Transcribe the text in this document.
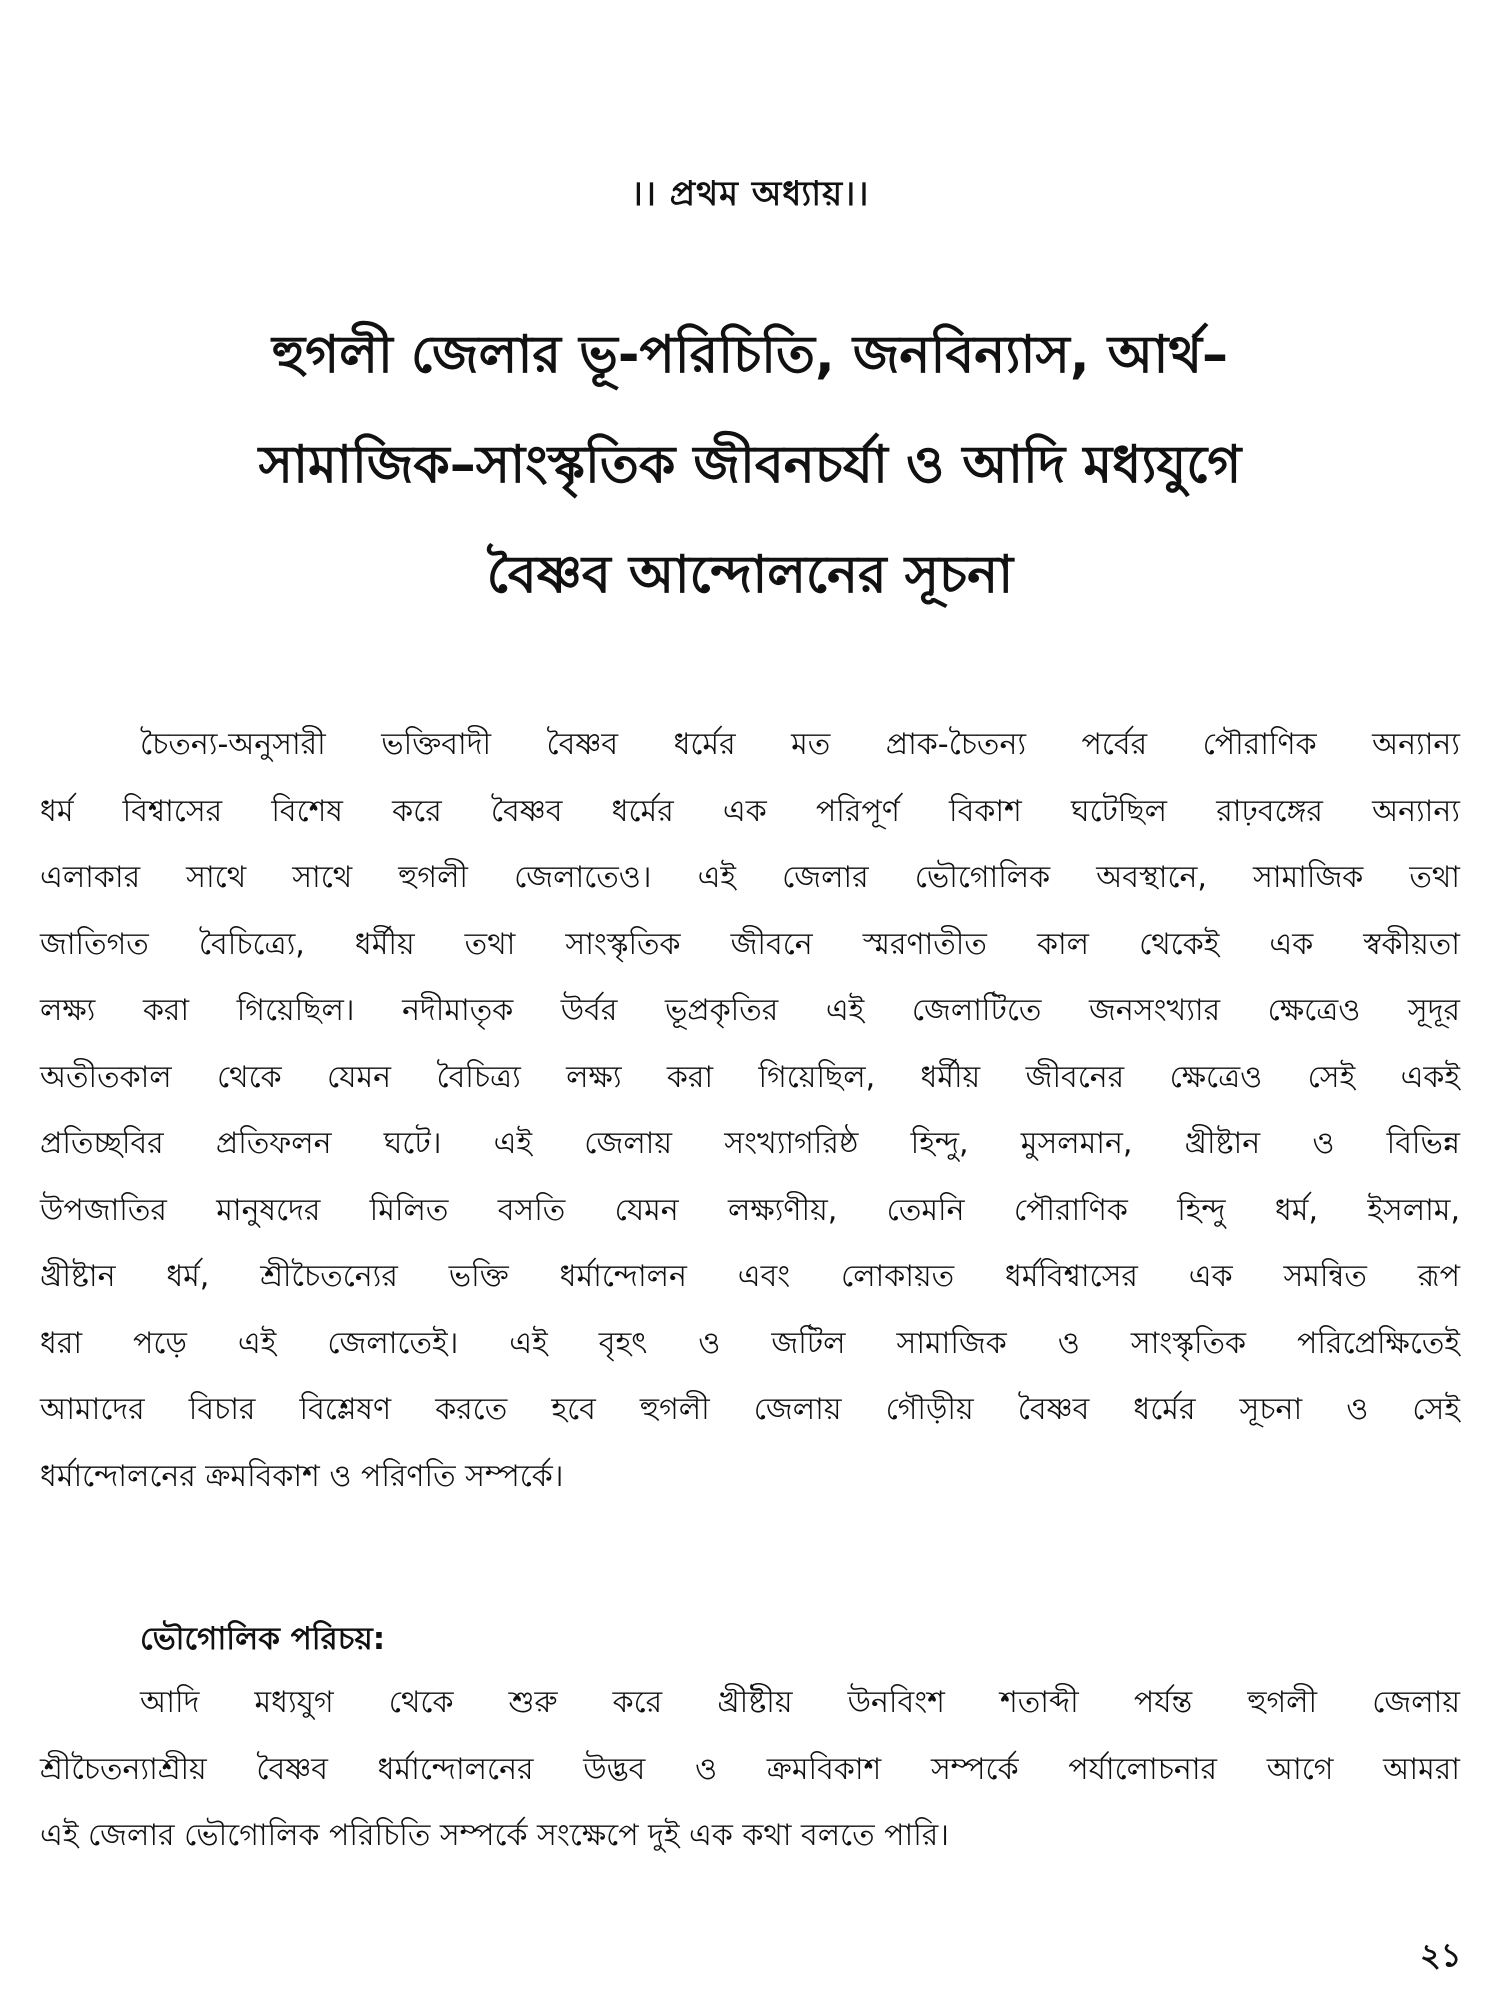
।। প্রথম অধ্যায়।।
হুগলী জেলার ভূ-পরিচিতি, জনবিন্যাস, আর্থ–
সামাজিক–সাংস্কৃতিক জীবনচর্যা ও আদি মধ্যযুগে
বৈষ্ণব আন্দোলনের সূচনা
চৈতন্য-অনুসারী ভক্তিবাদী বৈষ্ণব ধর্মের মত প্রাক-চৈতন্য পর্বের পৌরাণিক অন্যান্য
ধর্ম বিশ্বাসের বিশেষ করে বৈষ্ণব ধর্মের এক পরিপূর্ণ বিকাশ ঘটেছিল রাঢ়বঙ্গের অন্যান্য
এলাকার সাথে সাথে হুগলী জেলাতেও। এই জেলার ভৌগোলিক অবস্থানে, সামাজিক তথা
জাতিগত বৈচিত্র্যে, ধর্মীয় তথা সাংস্কৃতিক জীবনে স্মরণাতীত কাল থেকেই এক স্বকীয়তা
লক্ষ্য করা গিয়েছিল। নদীমাতৃক উর্বর ভূপ্রকৃতির এই জেলাটিতে জনসংখ্যার ক্ষেত্রেও সূদূর
অতীতকাল থেকে যেমন বৈচিত্র্য লক্ষ্য করা গিয়েছিল, ধর্মীয় জীবনের ক্ষেত্রেও সেই একই
প্রতিচ্ছবির প্রতিফলন ঘটে। এই জেলায় সংখ্যাগরিষ্ঠ হিন্দু, মুসলমান, খ্রীষ্টান ও বিভিন্ন
উপজাতির মানুষদের মিলিত বসতি যেমন লক্ষ্যণীয়, তেমনি পৌরাণিক হিন্দু ধর্ম, ইসলাম,
খ্রীষ্টান ধর্ম, শ্রীচৈতন্যের ভক্তি ধর্মান্দোলন এবং লোকায়ত ধর্মবিশ্বাসের এক সমন্বিত রূপ
ধরা পড়ে এই জেলাতেই। এই বৃহৎ ও জটিল সামাজিক ও সাংস্কৃতিক পরিপ্রেক্ষিতেই
আমাদের বিচার বিশ্লেষণ করতে হবে হুগলী জেলায় গৌড়ীয় বৈষ্ণব ধর্মের সূচনা ও সেই
ধর্মান্দোলনের ক্রমবিকাশ ও পরিণতি সম্পর্কে।
ভৌগোলিক পরিচয়:
আদি মধ্যযুগ থেকে শুরু করে খ্রীষ্টীয় উনবিংশ শতাব্দী পর্যন্ত হুগলী জেলায়
শ্রীচৈতন্যাশ্রীয় বৈষ্ণব ধর্মান্দোলনের উদ্ভব ও ক্রমবিকাশ সম্পর্কে পর্যালোচনার আগে আমরা
এই জেলার ভৌগোলিক পরিচিতি সম্পর্কে সংক্ষেপে দুই এক কথা বলতে পারি।
২১
